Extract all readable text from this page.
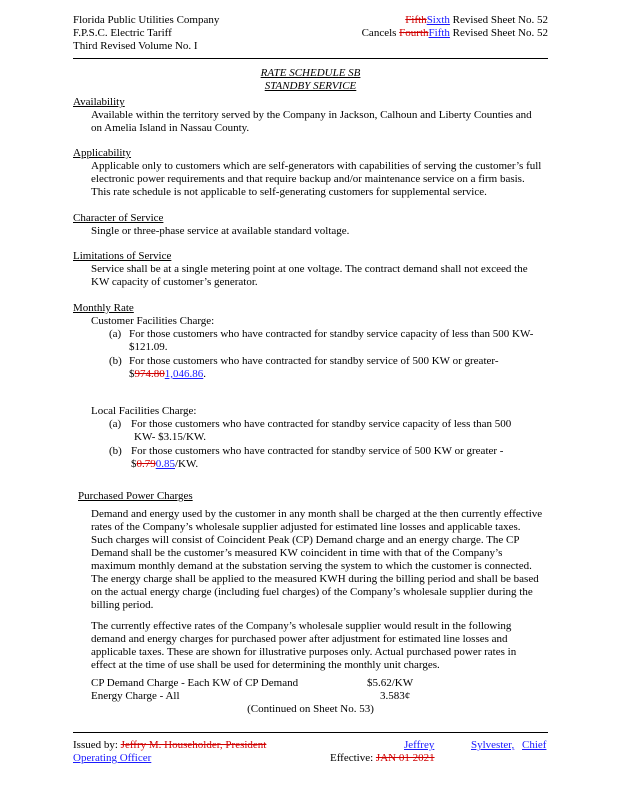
Florida Public Utilities Company
F.P.S.C. Electric Tariff
Third Revised Volume No. I
FifthSixth Revised Sheet No. 52
Cancels FourthFifth Revised Sheet No. 52
RATE SCHEDULE SB
STANDBY SERVICE
Availability
Available within the territory served by the Company in Jackson, Calhoun and Liberty Counties and
on Amelia Island in Nassau County.
Applicability
Applicable only to customers which are self-generators with capabilities of serving the customer’s full
electronic power requirements and that require backup and/or maintenance service on a firm basis.
This rate schedule is not applicable to self-generating customers for supplemental service.
Character of Service
Single or three-phase service at available standard voltage.
Limitations of Service
Service shall be at a single metering point at one voltage. The contract demand shall not exceed the
KW capacity of customer’s generator.
Monthly Rate
Customer Facilities Charge:
(a) For those customers who have contracted for standby service capacity of less than 500 KW-
$121.09.
(b) For those customers who have contracted for standby service of 500 KW or greater-
$974.801,046.86.
Local Facilities Charge:
(a) For those customers who have contracted for standby service capacity of less than 500
KW- $3.15/KW.
(b) For those customers who have contracted for standby service of 500 KW or greater -
$0.790.85/KW.
Purchased Power Charges
Demand and energy used by the customer in any month shall be charged at the then currently effective
rates of the Company’s wholesale supplier adjusted for estimated line losses and applicable taxes.
Such charges will consist of Coincident Peak (CP) Demand charge and an energy charge. The CP
Demand shall be the customer’s measured KW coincident in time with that of the Company’s
maximum monthly demand at the substation serving the system to which the customer is connected.
The energy charge shall be applied to the measured KWH during the billing period and shall be based
on the actual energy charge (including fuel charges) of the Company’s wholesale supplier during the
billing period.
The currently effective rates of the Company’s wholesale supplier would result in the following
demand and energy charges for purchased power after adjustment for estimated line losses and
applicable taxes. These are shown for illustrative purposes only. Actual purchased power rates in
effect at the time of use shall be used for determining the monthly unit charges.
CP Demand Charge - Each KW of CP Demand	$5.62/KW
Energy Charge - All	3.583¢
(Continued on Sheet No. 53)
Issued by: Jeffry M. Householder, President	Jeffrey	Sylvester, Chief
Operating Officer	Effective: JAN 01 2021
